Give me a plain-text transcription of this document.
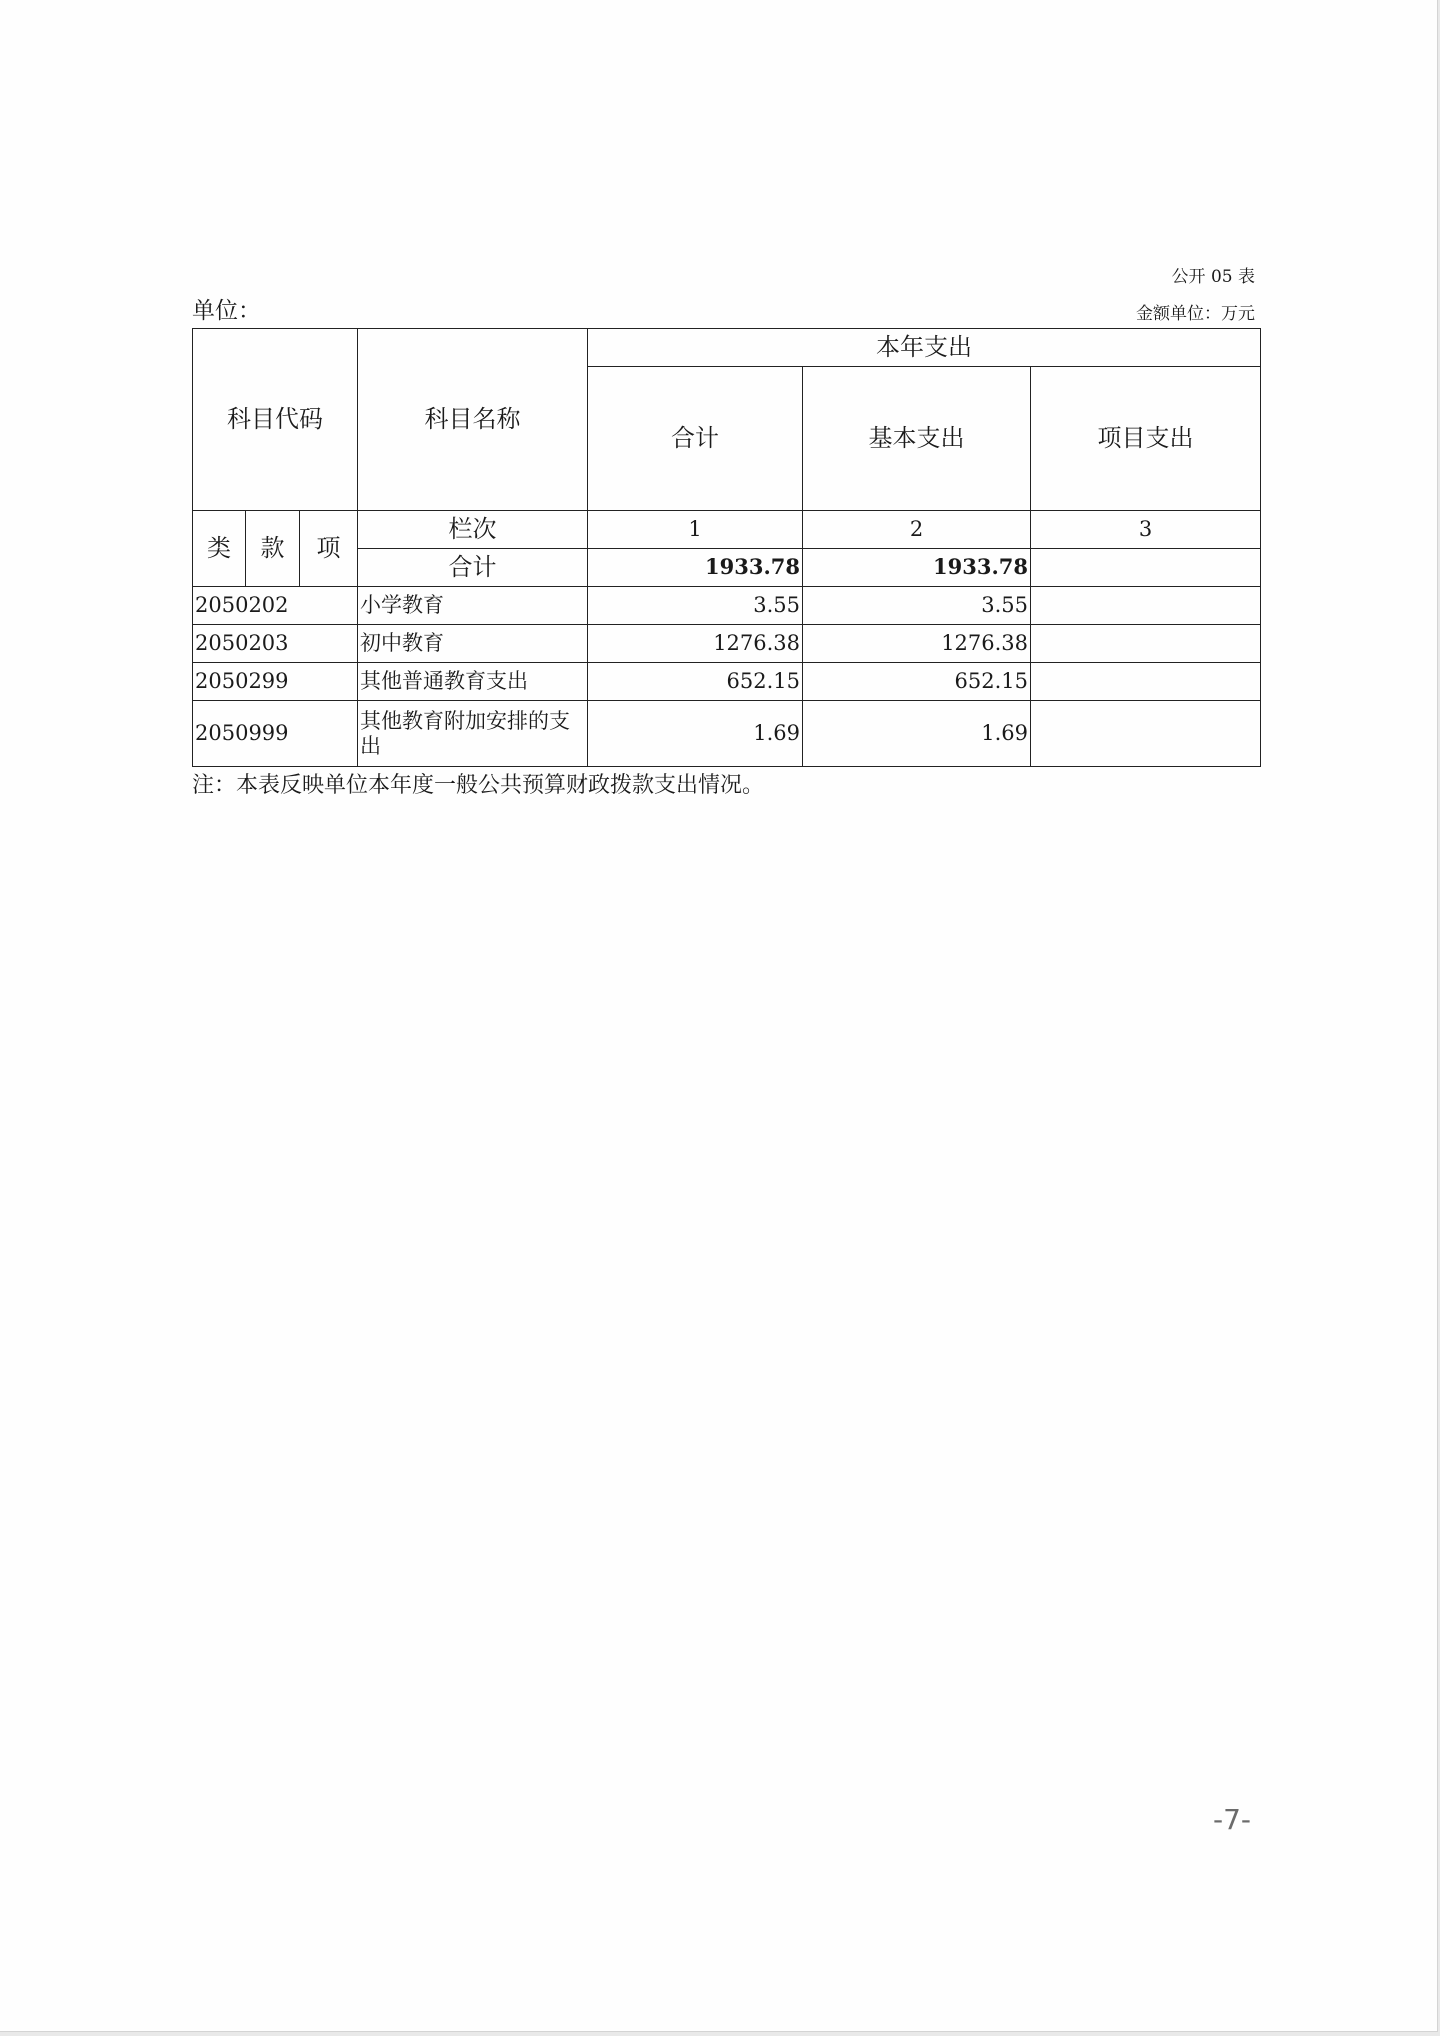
公开 05 表
单位：	金额单位：万元
科目代码			科目名称	本年支出		
				合计	基本支出	项目支出
类	款	项	栏次	1	2	3
			合计	1933.78	1933.78	
2050202			小学教育	3.55	3.55	
2050203			初中教育	1276.38	1276.38	
2050299			其他普通教育支出	652.15	652.15	
2050999			其他教育附加安排的支出	1.69	1.69	
注：本表反映单位本年度一般公共预算财政拨款支出情况。
-7-
